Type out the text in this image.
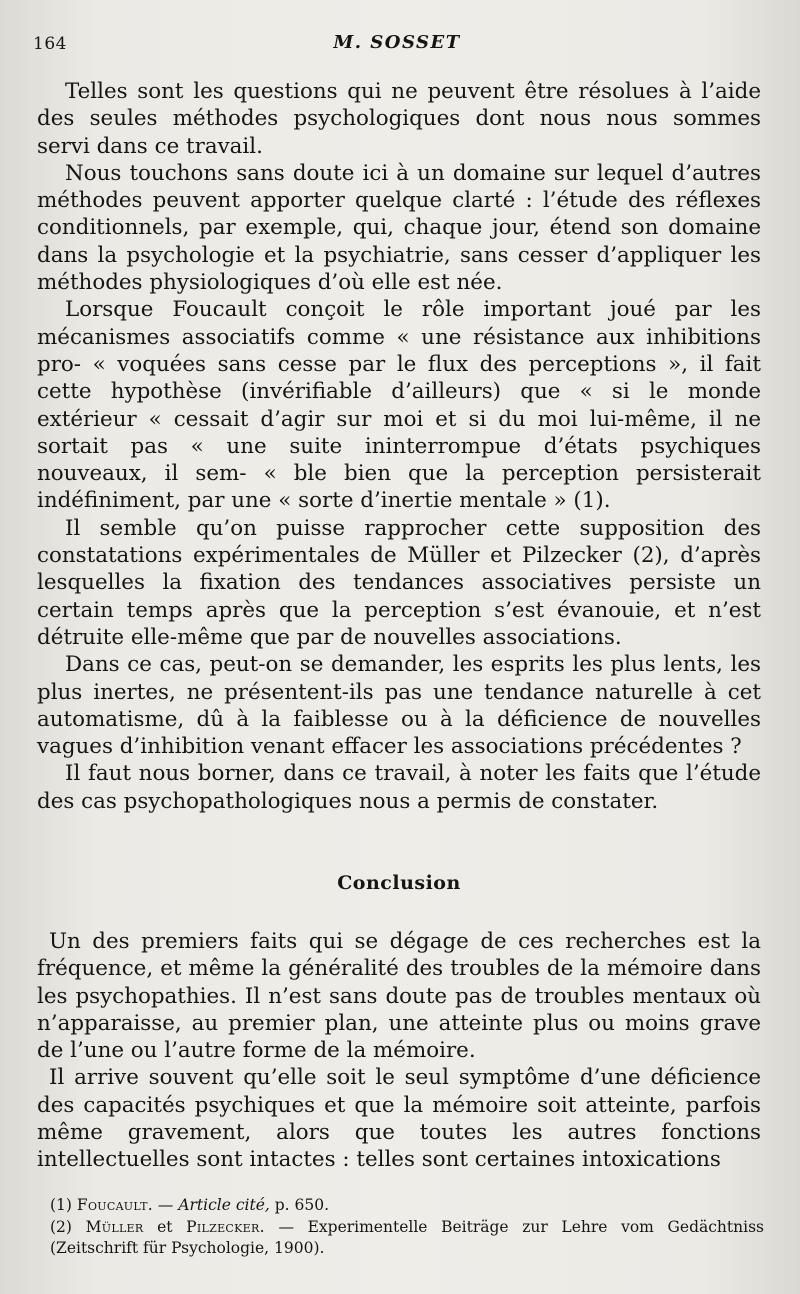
164	M. SOSSET

Telles sont les questions qui ne peuvent être résolues à l’aide des seules méthodes psychologiques dont nous nous sommes servi dans ce travail.

Nous touchons sans doute ici à un domaine sur lequel d’autres méthodes peuvent apporter quelque clarté : l’étude des réflexes conditionnels, par exemple, qui, chaque jour, étend son domaine dans la psychologie et la psychiatrie, sans cesser d’appliquer les méthodes physiologiques d’où elle est née.

Lorsque Foucault conçoit le rôle important joué par les mécanismes associatifs comme « une résistance aux inhibitions pro- « voquées sans cesse par le flux des perceptions », il fait cette hypothèse (invérifiable d’ailleurs) que « si le monde extérieur « cessait d’agir sur moi et si du moi lui-même, il ne sortait pas « une suite ininterrompue d’états psychiques nouveaux, il sem- « ble bien que la perception persisterait indéfiniment, par une « sorte d’inertie mentale » (1).

Il semble qu’on puisse rapprocher cette supposition des constatations expérimentales de Müller et Pilzecker (2), d’après lesquelles la fixation des tendances associatives persiste un certain temps après que la perception s’est évanouie, et n’est détruite elle-même que par de nouvelles associations.

Dans ce cas, peut-on se demander, les esprits les plus lents, les plus inertes, ne présentent-ils pas une tendance naturelle à cet automatisme, dû à la faiblesse ou à la déficience de nouvelles vagues d’inhibition venant effacer les associations précédentes ?

Il faut nous borner, dans ce travail, à noter les faits que l’étude des cas psychopathologiques nous a permis de constater.

Conclusion

Un des premiers faits qui se dégage de ces recherches est la fréquence, et même la généralité des troubles de la mémoire dans les psychopathies. Il n’est sans doute pas de troubles mentaux où n’apparaisse, au premier plan, une atteinte plus ou moins grave de l’une ou l’autre forme de la mémoire.

Il arrive souvent qu’elle soit le seul symptôme d’une déficience des capacités psychiques et que la mémoire soit atteinte, parfois même gravement, alors que toutes les autres fonctions intellectuelles sont intactes : telles sont certaines intoxications

(1) Foucault. — Article cité, p. 650.

(2) Müller et Pilzecker. — Experimentelle Beiträge zur Lehre vom Gedächtniss (Zeitschrift für Psychologie, 1900).
